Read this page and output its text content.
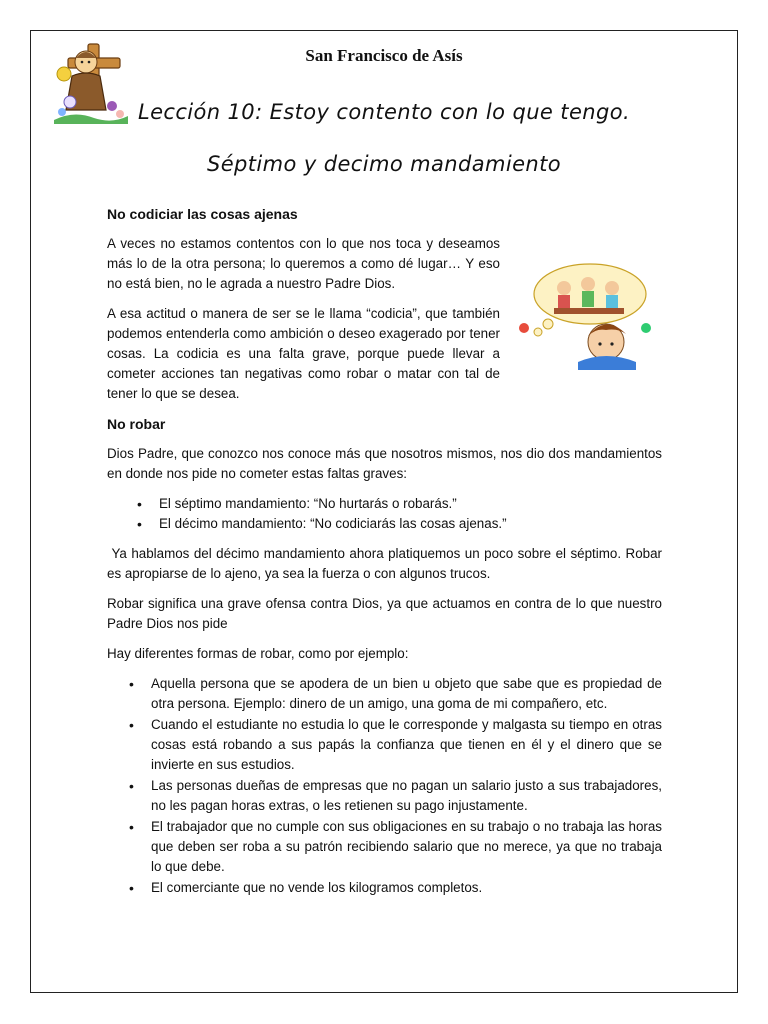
San Francisco de Asís
Lección 10: Estoy contento con lo que tengo.
Séptimo y decimo mandamiento
No codiciar las cosas ajenas

A veces no estamos contentos con lo que nos toca y deseamos más lo de la otra persona; lo queremos a como dé lugar… Y eso no está bien, no le agrada a nuestro Padre Dios.

A esa actitud o manera de ser se le llama “codicia”, que también podemos entenderla como ambición o deseo exagerado por tener cosas. La codicia es una falta grave, porque puede llevar a cometer acciones tan negativas como robar o matar con tal de tener lo que se desea.

No robar

Dios Padre, que conozco nos conoce más que nosotros mismos, nos dio dos mandamientos en donde nos pide no cometer estas faltas graves:

• El séptimo mandamiento: “No hurtarás o robarás.”
• El décimo mandamiento: “No codiciarás las cosas ajenas.”

Ya hablamos del décimo mandamiento ahora platiquemos un poco sobre el séptimo. Robar es apropiarse de lo ajeno, ya sea la fuerza o con algunos trucos.

Robar significa una grave ofensa contra Dios, ya que actuamos en contra de lo que nuestro Padre Dios nos pide

Hay diferentes formas de robar, como por ejemplo:

• Aquella persona que se apodera de un bien u objeto que sabe que es propiedad de otra persona. Ejemplo: dinero de un amigo, una goma de mi compañero, etc.
• Cuando el estudiante no estudia lo que le corresponde y malgasta su tiempo en otras cosas está robando a sus papás la confianza que tienen en él y el dinero que se invierte en sus estudios.
• Las personas dueñas de empresas que no pagan un salario justo a sus trabajadores, no les pagan horas extras, o les retienen su pago injustamente.
• El trabajador que no cumple con sus obligaciones en su trabajo o no trabaja las horas que deben ser roba a su patrón recibiendo salario que no merece, ya que no trabaja lo que debe.
• El comerciante que no vende los kilogramos completos.
